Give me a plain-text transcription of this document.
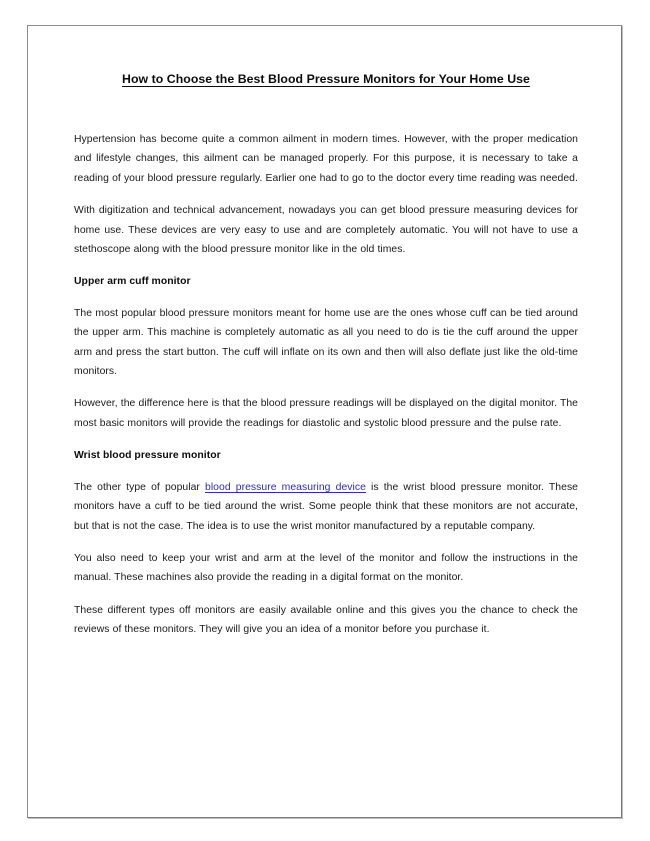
How to Choose the Best Blood Pressure Monitors for Your Home Use

Hypertension has become quite a common ailment in modern times. However, with the proper medication and lifestyle changes, this ailment can be managed properly. For this purpose, it is necessary to take a reading of your blood pressure regularly. Earlier one had to go to the doctor every time reading was needed.

With digitization and technical advancement, nowadays you can get blood pressure measuring devices for home use. These devices are very easy to use and are completely automatic. You will not have to use a stethoscope along with the blood pressure monitor like in the old times.

Upper arm cuff monitor

The most popular blood pressure monitors meant for home use are the ones whose cuff can be tied around the upper arm. This machine is completely automatic as all you need to do is tie the cuff around the upper arm and press the start button. The cuff will inflate on its own and then will also deflate just like the old-time monitors.

However, the difference here is that the blood pressure readings will be displayed on the digital monitor. The most basic monitors will provide the readings for diastolic and systolic blood pressure and the pulse rate.

Wrist blood pressure monitor

The other type of popular blood pressure measuring device is the wrist blood pressure monitor. These monitors have a cuff to be tied around the wrist. Some people think that these monitors are not accurate, but that is not the case. The idea is to use the wrist monitor manufactured by a reputable company.

You also need to keep your wrist and arm at the level of the monitor and follow the instructions in the manual. These machines also provide the reading in a digital format on the monitor.

These different types off monitors are easily available online and this gives you the chance to check the reviews of these monitors. They will give you an idea of a monitor before you purchase it.
